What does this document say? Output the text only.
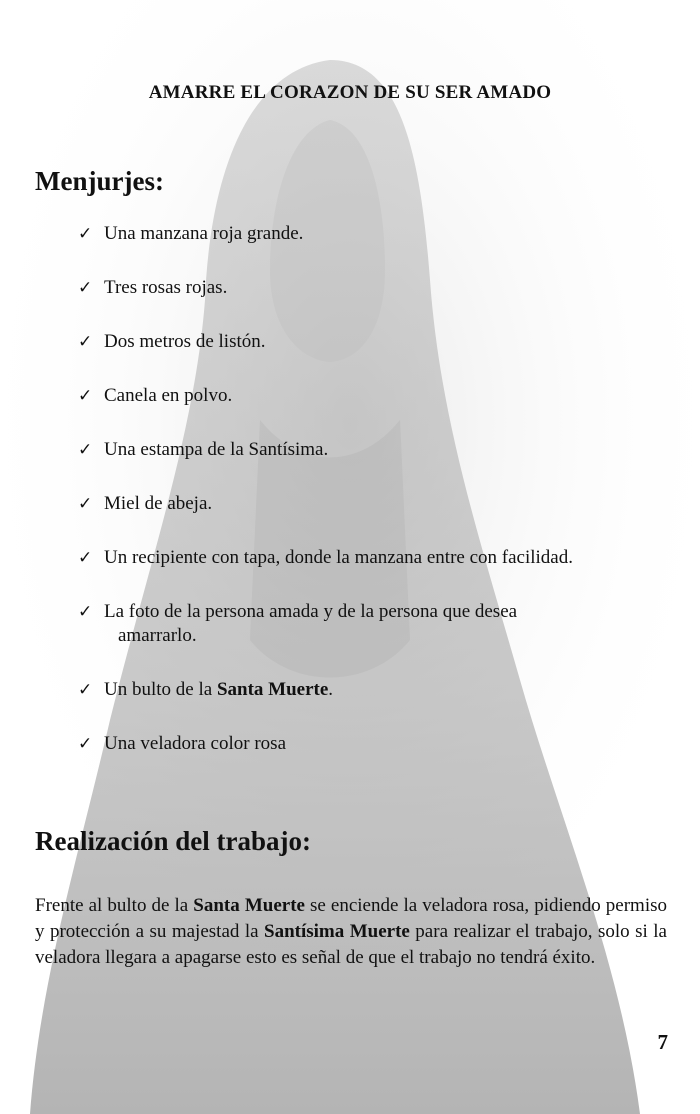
AMARRE EL CORAZON DE SU SER AMADO
Menjurjes:
✓ Una manzana roja grande.
✓ Tres rosas rojas.
✓ Dos metros de listón.
✓ Canela en polvo.
✓ Una estampa de la Santísima.
✓ Miel de abeja.
✓ Un recipiente con tapa, donde la manzana entre con facilidad.
✓ La foto de la persona amada y de la persona que desea
amarrarlo.
✓ Un bulto de la Santa Muerte.
✓ Una veladora color rosa
Realización del trabajo:

Frente al bulto de la Santa Muerte se enciende la veladora rosa, pidiendo permiso y protección a su majestad la Santísima Muerte para realizar el trabajo, solo si la veladora llegara a apagarse esto es señal de que el trabajo no tendrá éxito.

7
